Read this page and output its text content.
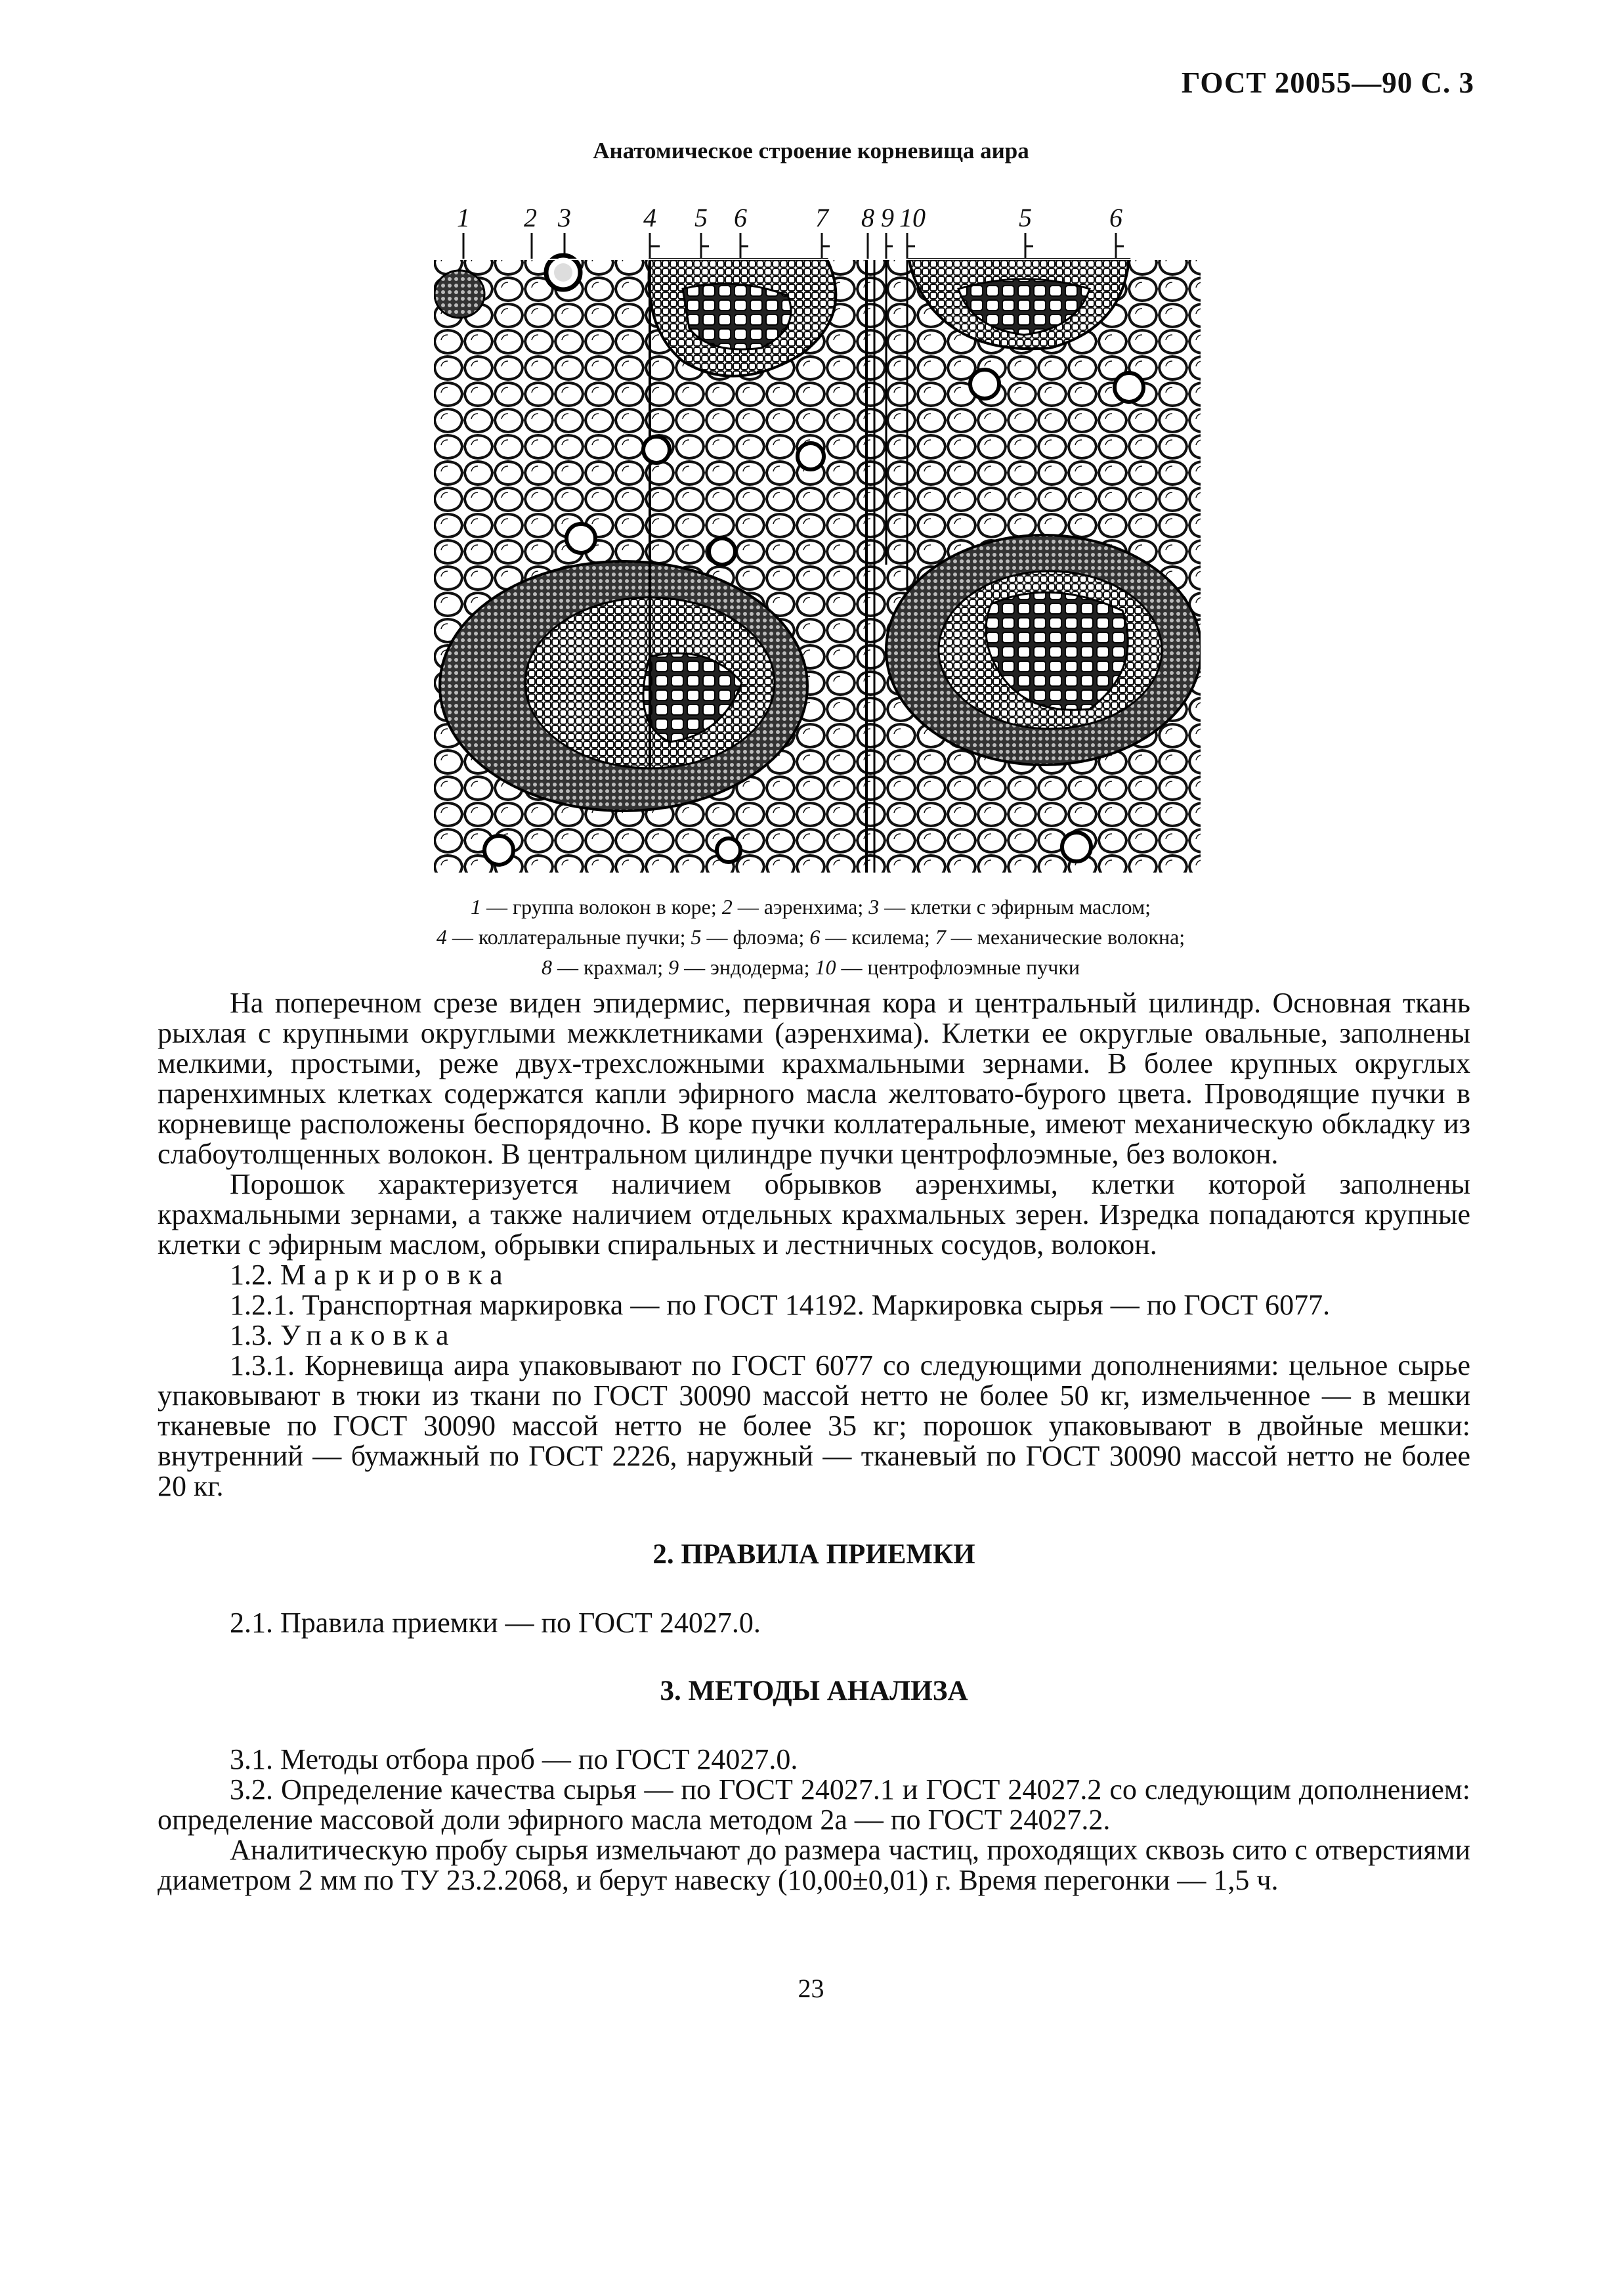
ГОСТ 20055—90 С. 3
Анатомическое строение корневища аира
1 2 3	4 5 6	7 8 9 10	5	6
1 — группа волокон в коре; 2 — аэренхима; 3 — клетки с эфирным маслом;
4 — коллатеральные пучки; 5 — флоэма; 6 — ксилема; 7 — механические волокна;
8 — крахмал; 9 — эндодерма; 10 — центрофлоэмные пучки

На поперечном срезе виден эпидермис, первичная кора и центральный цилиндр. Основная ткань рыхлая с крупными округлыми межклетниками (аэренхима). Клетки ее округлые овальные, заполнены мелкими, простыми, реже двух-трехсложными крахмальными зернами. В более крупных округлых паренхимных клетках содержатся капли эфирного масла желтовато-бурого цвета. Проводящие пучки в корневище расположены беспорядочно. В коре пучки коллатеральные, имеют механическую обкладку из слабоутолщенных волокон. В центральном цилиндре пучки центрофлоэмные, без волокон.

Порошок характеризуется наличием обрывков аэренхимы, клетки которой заполнены крахмальными зернами, а также наличием отдельных крахмальных зерен. Изредка попадаются крупные клетки с эфирным маслом, обрывки спиральных и лестничных сосудов, волокон.

1.2. Маркировка

1.2.1. Транспортная маркировка — по ГОСТ 14192. Маркировка сырья — по ГОСТ 6077.

1.3. Упаковка

1.3.1. Корневища аира упаковывают по ГОСТ 6077 со следующими дополнениями: цельное сырье упаковывают в тюки из ткани по ГОСТ 30090 массой нетто не более 50 кг, измельченное — в мешки тканевые по ГОСТ 30090 массой нетто не более 35 кг; порошок упаковывают в двойные мешки: внутренний — бумажный по ГОСТ 2226, наружный — тканевый по ГОСТ 30090 массой нетто не более 20 кг.

2. ПРАВИЛА ПРИЕМКИ

2.1. Правила приемки — по ГОСТ 24027.0.

3. МЕТОДЫ АНАЛИЗА

3.1. Методы отбора проб — по ГОСТ 24027.0.

3.2. Определение качества сырья — по ГОСТ 24027.1 и ГОСТ 24027.2 со следующим дополнением: определение массовой доли эфирного масла методом 2а — по ГОСТ 24027.2.

Аналитическую пробу сырья измельчают до размера частиц, проходящих сквозь сито с отверстиями диаметром 2 мм по ТУ 23.2.2068, и берут навеску (10,00±0,01) г. Время перегонки — 1,5 ч.

23
